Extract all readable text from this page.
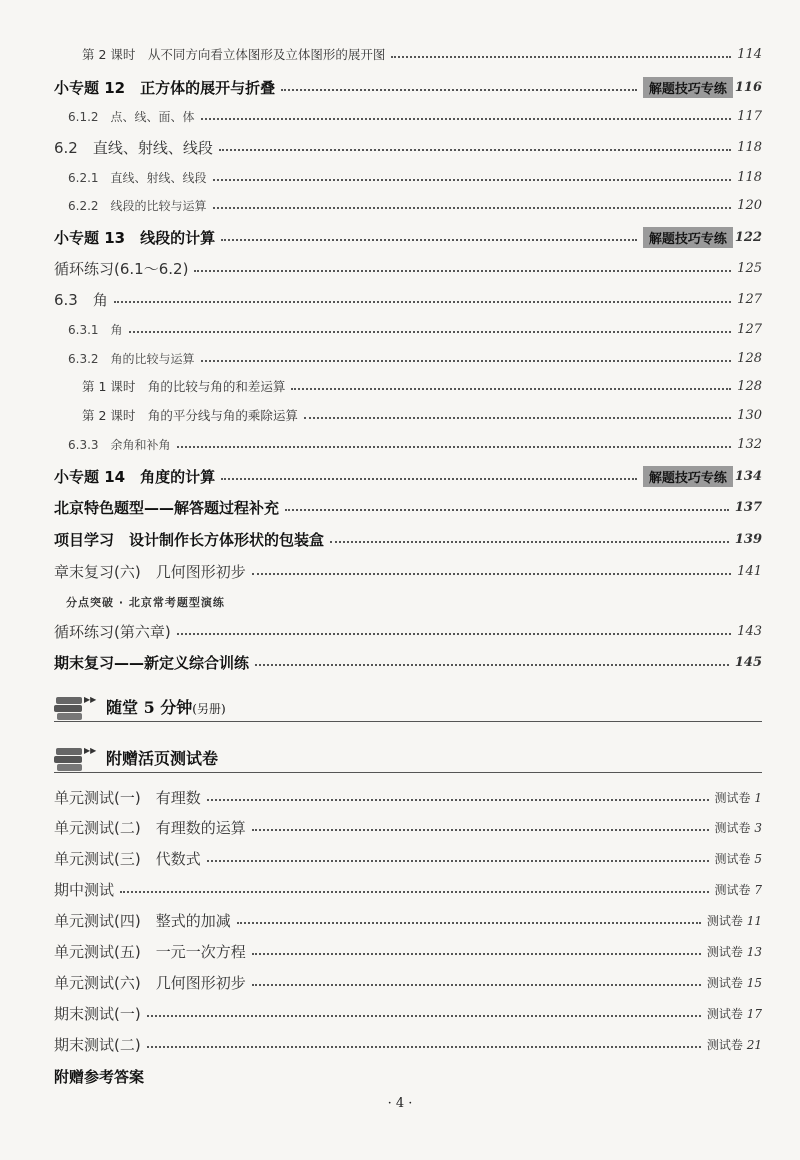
第 2 课时　从不同方向看立体图形及立体图形的展开图	114
小专题 12　正方体的展开与折叠	解题技巧专练 116
6.1.2　点、线、面、体	117
6.2　直线、射线、线段	118
6.2.1　直线、射线、线段	118
6.2.2　线段的比较与运算	120
小专题 13　线段的计算	解题技巧专练 122
循环练习(6.1～6.2)	125
6.3　角	127
6.3.1　角	127
6.3.2　角的比较与运算	128
第 1 课时　角的比较与角的和差运算	128
第 2 课时　角的平分线与角的乘除运算	130
6.3.3　余角和补角	132
小专题 14　角度的计算	解题技巧专练 134
北京特色题型——解答题过程补充	137
项目学习　设计制作长方体形状的包装盒	139
章末复习(六)　几何图形初步	141
分点突破 · 北京常考题型演练
循环练习(第六章)	143
期末复习——新定义综合训练	145
▶▶ 随堂 5 分钟(另册)
▶▶ 附赠活页测试卷
单元测试(一)　有理数	测试卷 1
单元测试(二)　有理数的运算	测试卷 3
单元测试(三)　代数式	测试卷 5
期中测试	测试卷 7
单元测试(四)　整式的加减	测试卷 11
单元测试(五)　一元一次方程	测试卷 13
单元测试(六)　几何图形初步	测试卷 15
期末测试(一)	测试卷 17
期末测试(二)	测试卷 21
附赠参考答案
· 4 ·
